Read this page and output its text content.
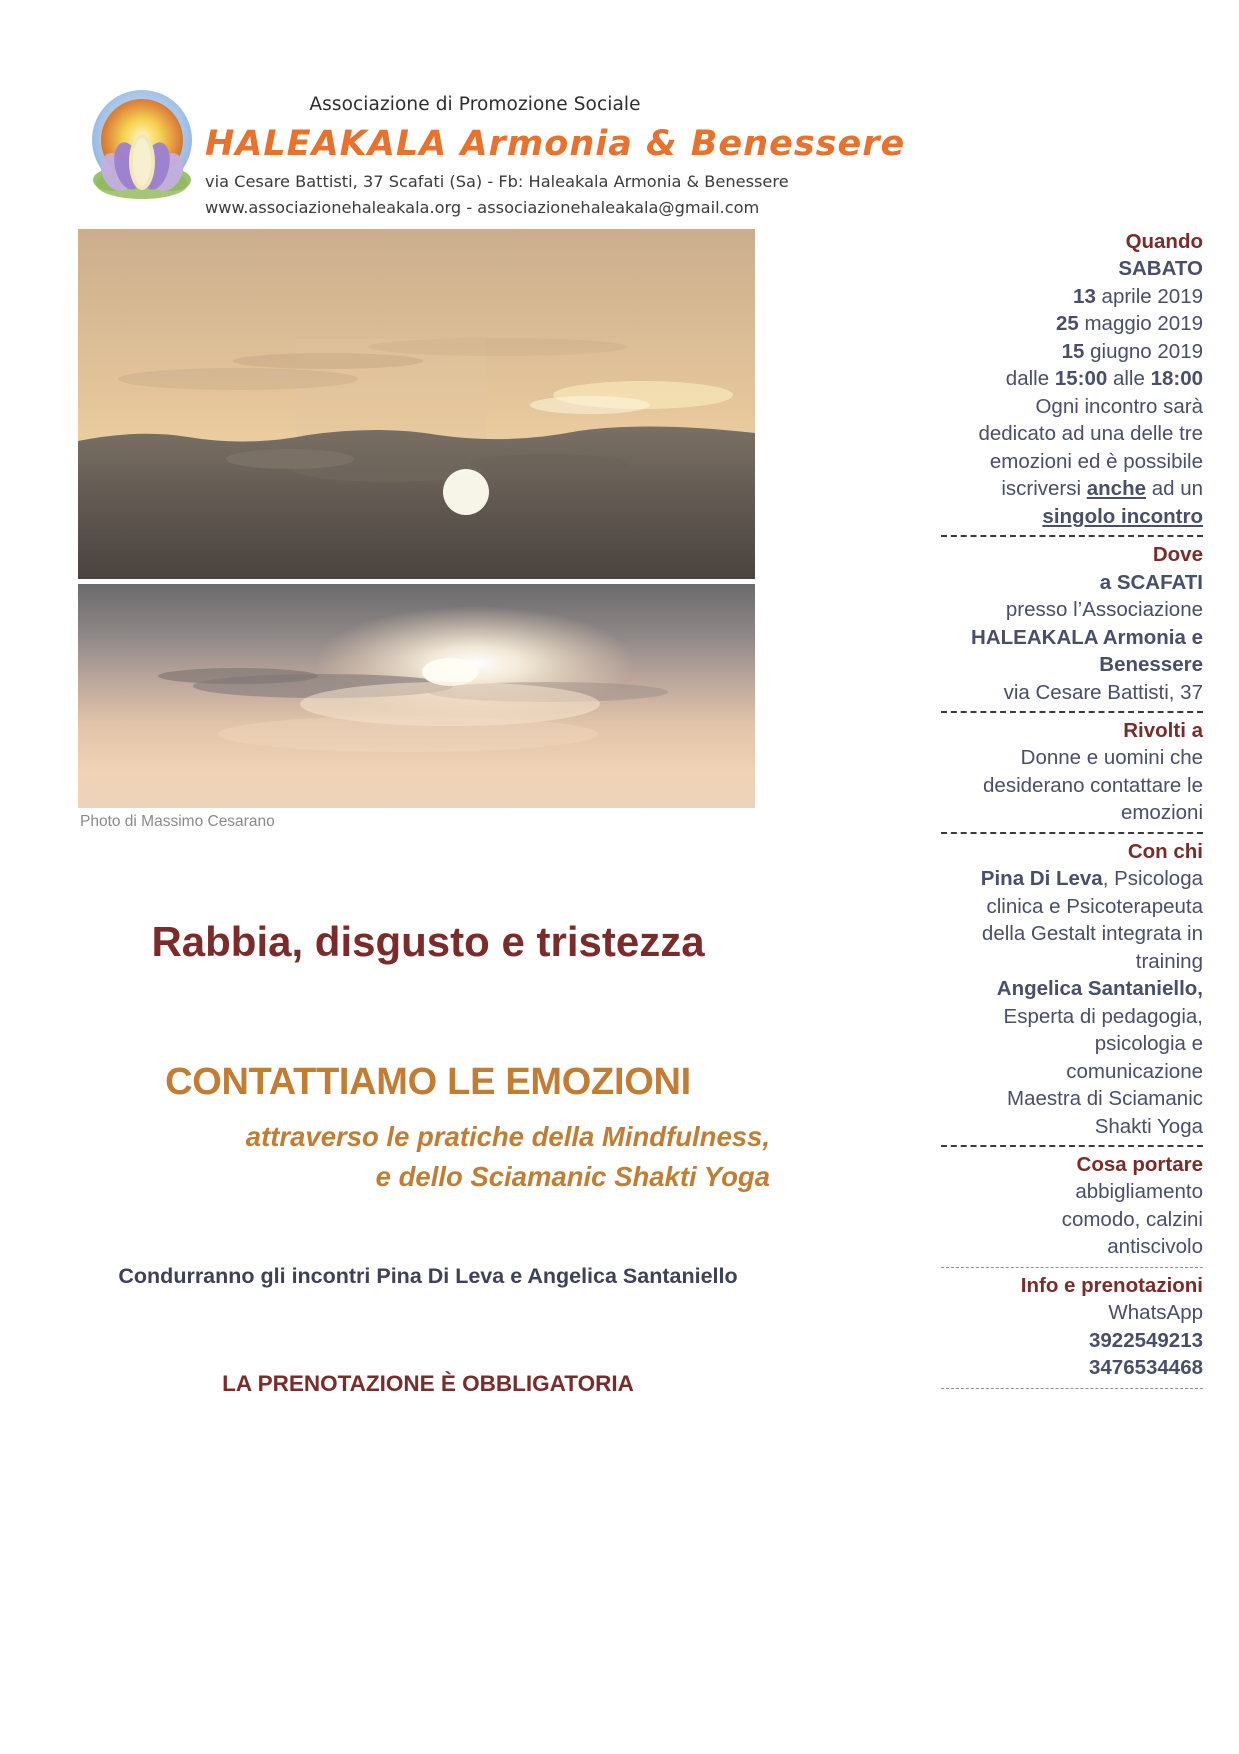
Associazione di Promozione Sociale
HALEAKALA Armonia & Benessere
via Cesare Battisti, 37 Scafati (Sa) - Fb: Haleakala Armonia & Benessere
www.associazionehaleakala.org - associazionehaleakala@gmail.com
Photo di Massimo Cesarano
Rabbia, disgusto e tristezza
CONTATTIAMO LE EMOZIONI
attraverso le pratiche della Mindfulness,
e dello Sciamanic Shakti Yoga
Condurranno gli incontri Pina Di Leva e Angelica Santaniello
LA PRENOTAZIONE È OBBLIGATORIA
Quando
SABATO
13 aprile 2019
25 maggio 2019
15 giugno 2019
dalle 15:00 alle 18:00
Ogni incontro sarà
dedicato ad una delle tre
emozioni ed è possibile
iscriversi anche ad un
singolo incontro
Dove
a SCAFATI
presso l’Associazione
HALEAKALA Armonia e
Benessere
via Cesare Battisti, 37
Rivolti a
Donne e uomini che
desiderano contattare le
emozioni
Con chi
Pina Di Leva, Psicologa
clinica e Psicoterapeuta
della Gestalt integrata in
training
Angelica Santaniello,
Esperta di pedagogia,
psicologia e
comunicazione
Maestra di Sciamanic
Shakti Yoga
Cosa portare
abbigliamento
comodo, calzini
antiscivolo
Info e prenotazioni
WhatsApp
3922549213
3476534468
